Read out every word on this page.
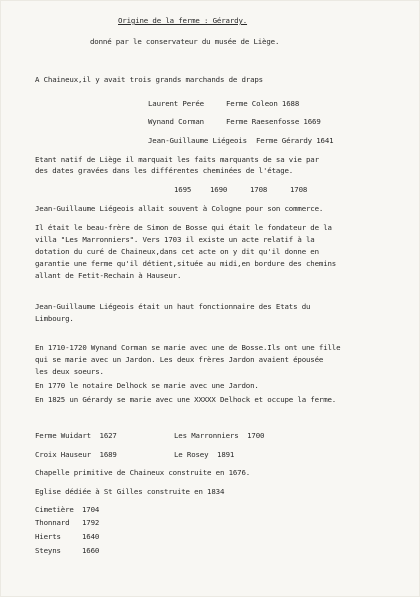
Origine de la ferme : Gérardy.
donné par le conservateur du musée de Liège.
A Chaineux,il y avait trois grands marchands de draps
Laurent Perée	Ferme Coleon 1688
Wynand Corman	Ferme Raesenfosse 1669
Jean-Guillaume Liégeois Ferme Gérardy 1641
Etant natif de Liège il marquait les faits marquants de sa vie par
des dates gravées dans les différentes cheminées de l'étage.
1695	1690	1708	1708
Jean-Guillaume Liégeois allait souvent à Cologne pour son commerce.
Il était le beau-frère de Simon de Bosse qui était le fondateur de la
villa "Les Marronniers". Vers 1703 il existe un acte relatif à la
dotation du curé de Chaineux,dans cet acte on y dit qu'il donne en
garantie une ferme qu'il détient,située au midi,en bordure des chemins
allant de Fetit-Rechain à Hauseur.
Jean-Guillaume Liégeois était un haut fonctionnaire des Etats du
Limbourg.
En 1710-1720 Wynand Corman se marie avec une de Bosse.Ils ont une fille
qui se marie avec un Jardon. Les deux frères Jardon avaient épousée
les deux soeurs.
En 1770 le notaire Delhock se marie avec une Jardon.
En 1825 un Gérardy se marie avec une XXXXX Delhock et occupe la ferme.
Ferme Wuidart  1627	Les Marronniers  1700
Croix Hauseur  1689	Le Rosey  1891
Chapelle primitive de Chaineux construite en 1676.
Eglise dédiée à St Gilles construite en 1834
Cimetière 1704
Thonnard 1792
Hierts	1640
Steyns	1660
